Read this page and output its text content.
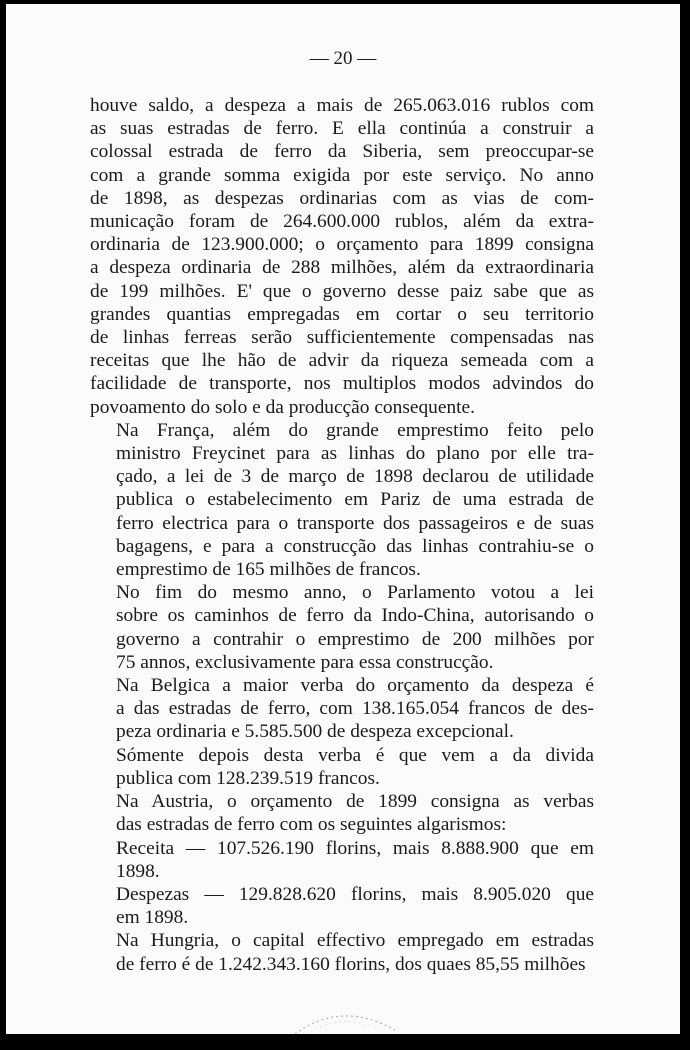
— 20 —

houve saldo, a despeza a mais de 265.063.016 rublos com
as suas estradas de ferro. E ella continúa a construir a
colossal estrada de ferro da Siberia, sem preoccupar-se
com a grande somma exigida por este serviço. No anno
de 1898, as despezas ordinarias com as vias de com-
municação foram de 264.600.000 rublos, além da extra-
ordinaria de 123.900.000; o orçamento para 1899 consigna
a despeza ordinaria de 288 milhões, além da extraordinaria
de 199 milhões. E' que o governo desse paiz sabe que as
grandes quantias empregadas em cortar o seu territorio
de linhas ferreas serão sufficientemente compensadas nas
receitas que lhe hão de advir da riqueza semeada com a
facilidade de transporte, nos multiplos modos advindos do
povoamento do solo e da producção consequente.

Na França, além do grande emprestimo feito pelo
ministro Freycinet para as linhas do plano por elle tra-
çado, a lei de 3 de março de 1898 declarou de utilidade
publica o estabelecimento em Pariz de uma estrada de
ferro electrica para o transporte dos passageiros e de suas
bagagens, e para a construcção das linhas contrahiu-se o
emprestimo de 165 milhões de francos.

No fim do mesmo anno, o Parlamento votou a lei
sobre os caminhos de ferro da Indo-China, autorisando o
governo a contrahir o emprestimo de 200 milhões por
75 annos, exclusivamente para essa construcção.

Na Belgica a maior verba do orçamento da despeza é
a das estradas de ferro, com 138.165.054 francos de des-
peza ordinaria e 5.585.500 de despeza excepcional.

Sómente depois desta verba é que vem a da divida
publica com 128.239.519 francos.

Na Austria, o orçamento de 1899 consigna as verbas
das estradas de ferro com os seguintes algarismos:

Receita — 107.526.190 florins, mais 8.888.900 que em
1898.

Despezas — 129.828.620 florins, mais 8.905.020 que
em 1898.

Na Hungria, o capital effectivo empregado em estradas
de ferro é de 1.242.343.160 florins, dos quaes 85,55 milhões
